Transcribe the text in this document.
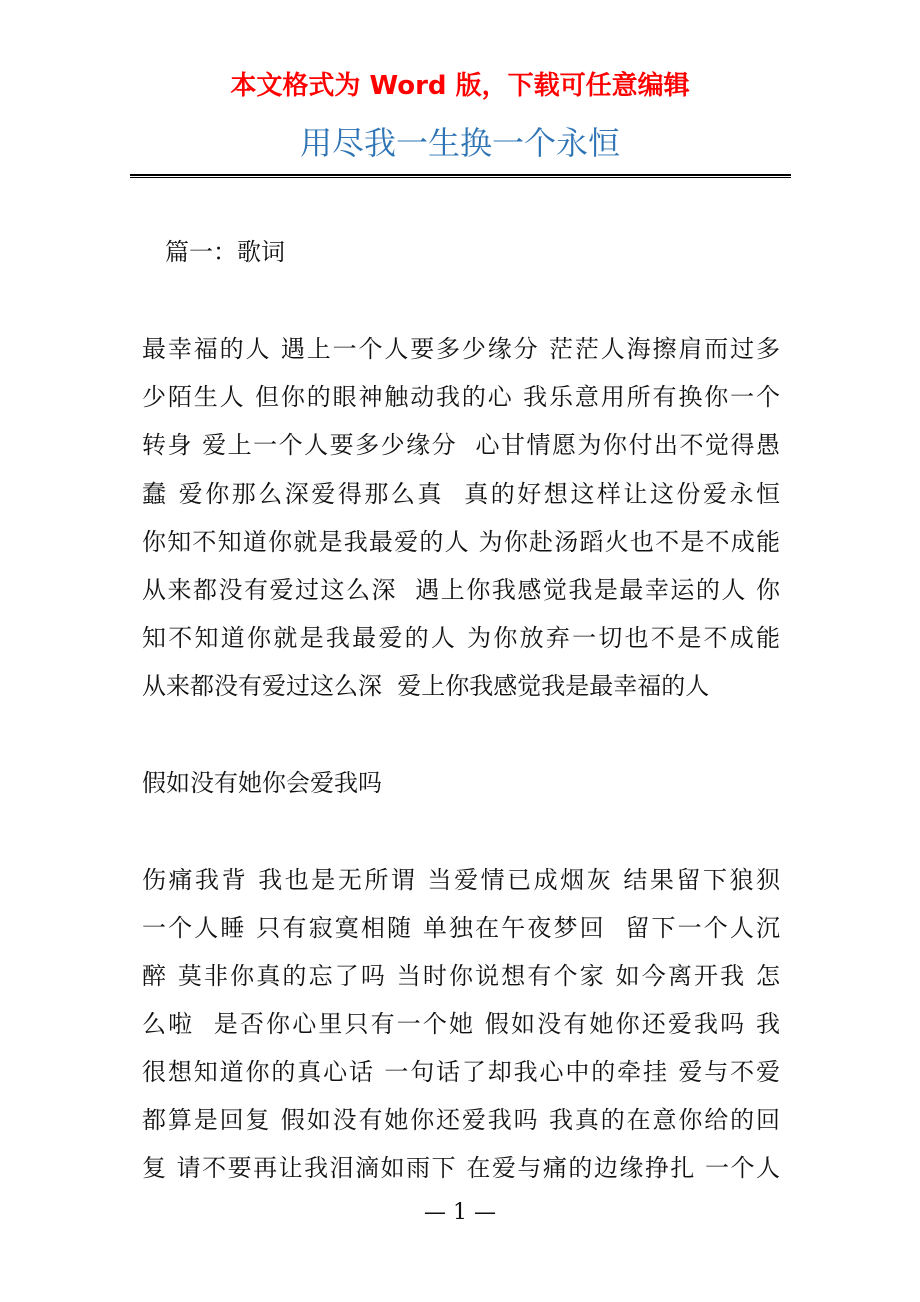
本文格式为 Word 版，下载可任意编辑
用尽我一生换一个永恒
篇一：歌词
最幸福的人 遇上一个人要多少缘分 茫茫人海擦肩而过多
少陌生人 但你的眼神触动我的心 我乐意用所有换你一个
转身 爱上一个人要多少缘分  心甘情愿为你付出不觉得愚
蠢 爱你那么深爱得那么真  真的好想这样让这份爱永恒
你知不知道你就是我最爱的人 为你赴汤蹈火也不是不成能
从来都没有爱过这么深  遇上你我感觉我是最幸运的人 你
知不知道你就是我最爱的人 为你放弃一切也不是不成能
从来都没有爱过这么深  爱上你我感觉我是最幸福的人
假如没有她你会爱我吗
伤痛我背 我也是无所谓 当爱情已成烟灰 结果留下狼狈
一个人睡 只有寂寞相随 单独在午夜梦回  留下一个人沉
醉 莫非你真的忘了吗 当时你说想有个家 如今离开我 怎
么啦  是否你心里只有一个她 假如没有她你还爱我吗 我
很想知道你的真心话 一句话了却我心中的牵挂 爱与不爱
都算是回复 假如没有她你还爱我吗 我真的在意你给的回
复 请不要再让我泪滴如雨下 在爱与痛的边缘挣扎 一个人
— 1 —
